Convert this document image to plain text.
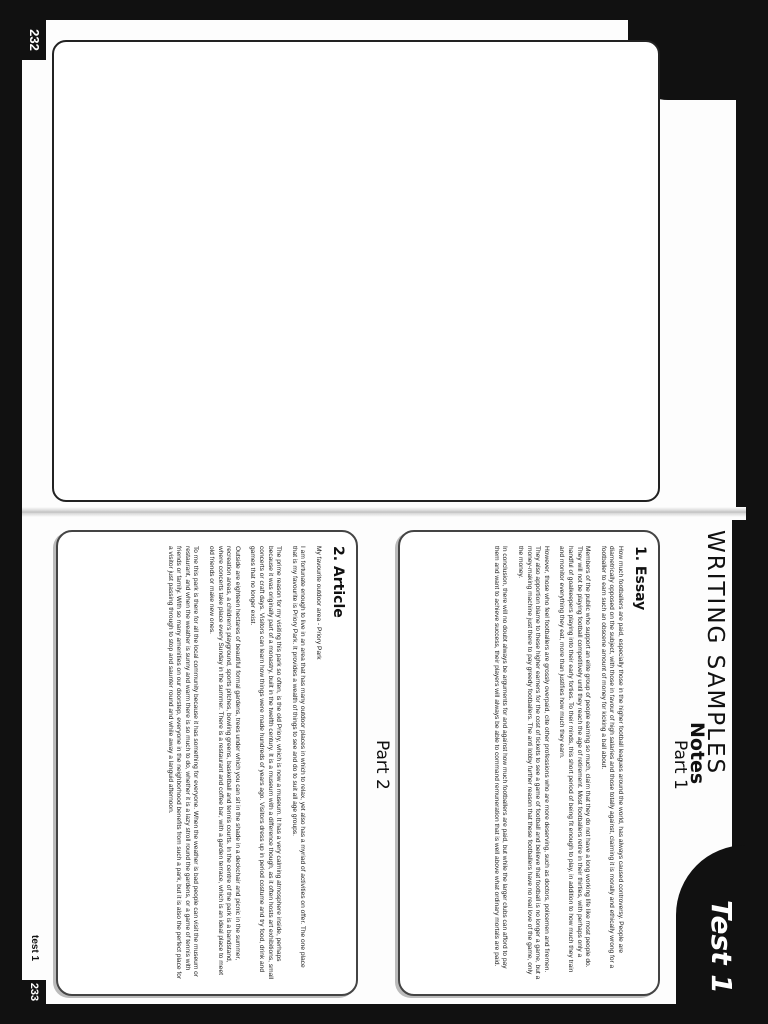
Notes
232
Test 1
WRITING SAMPLES
Part 1
1. Essay

How much footballers are paid, especially those in the higher football leagues around the world, has always caused controversy. People are diametrically opposed on the subject, with those in favour of high salaries and those totally against, claiming it is morally and ethically wrong for a footballer to earn such an obscene amount of money for kicking a ball about.

Members of the public who support an elite group of people earning so much, claim that they do not have a long working life like most people do. They will not be playing football competitively until they reach the age of retirement. Most footballers retire in their thirties, with perhaps only a handful of goalkeepers playing into their early forties. To their minds, this short period of being fit enough to play, in addition to how much they train and monitor everything they eat, more than justifies how much they earn.

However, those who feel footballers are grossly overpaid, cite other professions who are more deserving, such as doctors, policemen and firemen. They also apportion blame to these higher earners for the cost of tickets to see a game of football and believe that football is no longer a game, but a money-making machine just there to pay greedy footballers. The anti lobby further reason that these footballers have no real love of the game, only the money.

In conclusion, there will no doubt always be arguments for and against how much footballers are paid, but while the larger clubs can afford to pay them and want to achieve success, their players will always be able to command remuneration that is well above what ordinary mortals are paid.

Part 2
2. Article

My favourite outdoor area - Priory Park

I am fortunate enough to live in an area that has many outdoor places in which to relax, yet also has a myriad of activities on offer. The one place that is my favourite is Priory Park. It provides a wealth of things to see and do to suit all age groups.

The prime reason for my visiting this park so often, is the old Priory, which is now a museum. It has a very calming atmosphere inside, perhaps because it was originally part of a monastry, built in the twelfth century. It is a museum with a difference though, as it often hosts art exhibitions, small concerts or craft days. Visitors can learn how things were made hundreds of years ago. Visitors dress up in period costume and try food, drink and games that no longer exist.

Outside are eighteen hectares of beautiful formal gardens, trees under which you can sit in the shade in a deckchair and picnic in the summer, recreation areas, a children's playground, sports pitches, bowling greens, basketball and tennis courts. In the centre of the park is a bandstand, where concerts take place every Sunday in the summer. There is a restaurant and coffee bar, with a garden terrace, which is an ideal place to meet old friends or make new ones.

To me this park is there for all the local community because it has something for everyone. When the weather is bad people can visit the museum or restaurant, and when the weather is sunny and warm there is so much to do, whether it is a lazy stroll round the gardens, or a game of tennis with friends or family. With so many amenities on our doorstep, everyone in the neighborhood benefits from such a park, but it is also the perfect place for a visitor just passing through to stop and saunter round and while away a languid afternoon.

test 1
233
